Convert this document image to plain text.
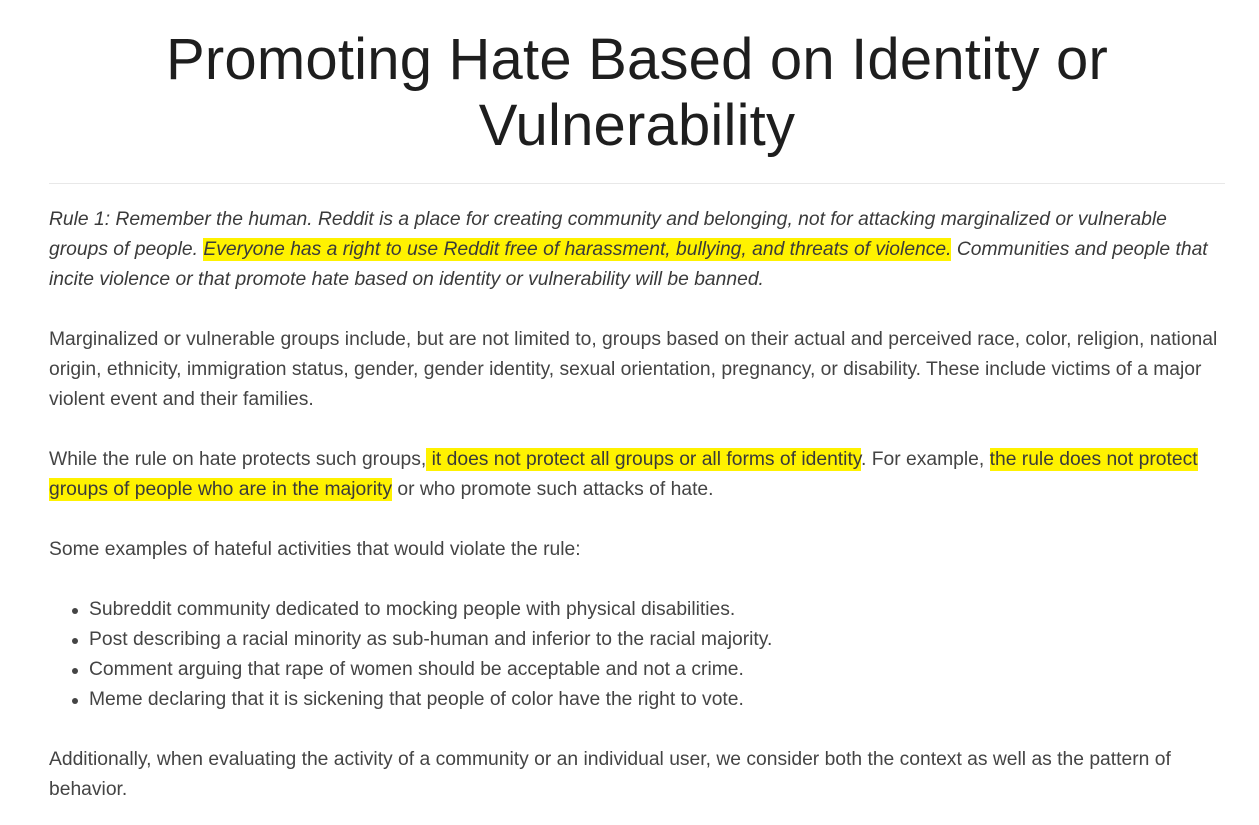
Promoting Hate Based on Identity or Vulnerability

Rule 1: Remember the human. Reddit is a place for creating community and belonging, not for attacking marginalized or vulnerable groups of people. Everyone has a right to use Reddit free of harassment, bullying, and threats of violence. Communities and people that incite violence or that promote hate based on identity or vulnerability will be banned.

Marginalized or vulnerable groups include, but are not limited to, groups based on their actual and perceived race, color, religion, national origin, ethnicity, immigration status, gender, gender identity, sexual orientation, pregnancy, or disability. These include victims of a major violent event and their families.

While the rule on hate protects such groups, it does not protect all groups or all forms of identity. For example, the rule does not protect groups of people who are in the majority or who promote such attacks of hate.

Some examples of hateful activities that would violate the rule:

Subreddit community dedicated to mocking people with physical disabilities.
Post describing a racial minority as sub-human and inferior to the racial majority.
Comment arguing that rape of women should be acceptable and not a crime.
Meme declaring that it is sickening that people of color have the right to vote.

Additionally, when evaluating the activity of a community or an individual user, we consider both the context as well as the pattern of behavior.
